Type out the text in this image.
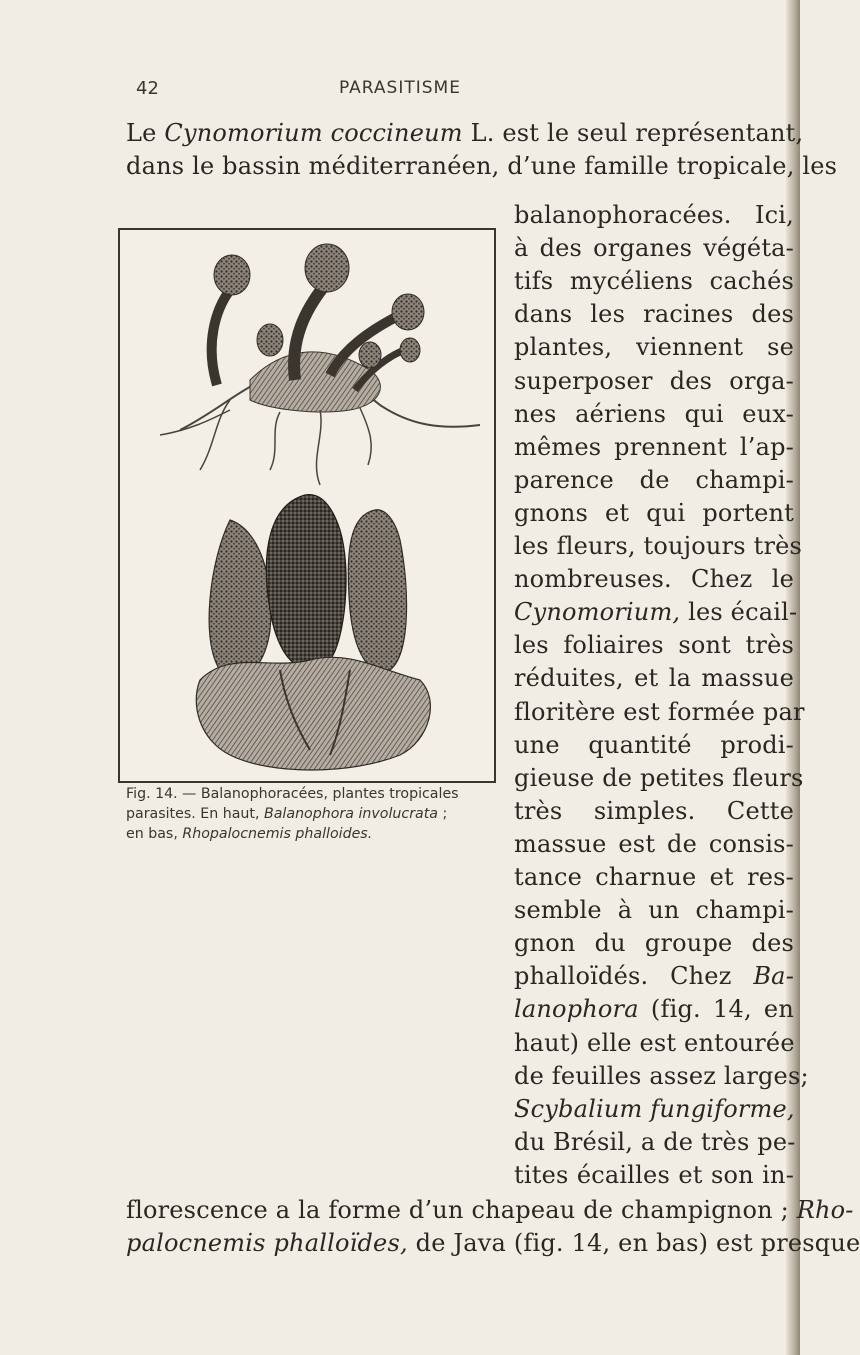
42	PARASITISME
Le Cynomorium coccineum L. est le seul représentant,
dans le bassin méditerranéen, d’une famille tropicale, les
balanophoracées. Ici,
à des organes végéta-
tifs mycéliens cachés
dans les racines des
plantes, viennent se
superposer des orga-
nes aériens qui eux-
mêmes prennent l’ap-
parence de champi-
gnons et qui portent
les fleurs, toujours très
nombreuses. Chez le
Cynomorium, les écail-
les foliaires sont très
réduites, et la massue
floritère est formée par
une quantité prodi-
gieuse de petites fleurs
très simples. Cette
massue est de consis-
tance charnue et res-
semble à un champi-
gnon du groupe des
phalloïdés. Chez Ba-
lanophora (fig. 14, en
haut) elle est entourée
de feuilles assez larges;
Scybalium fungiforme,
du Brésil, a de très pe-
tites écailles et son in-
florescence a la forme d’un chapeau de champignon ; Rho-
palocnemis phalloïdes, de Java (fig. 14, en bas) est presque
Fig. 14. — Balanophoracées, plantes tropicales
parasites. En haut, Balanophora involucrata ;
en bas, Rhopalocnemis phalloides.
